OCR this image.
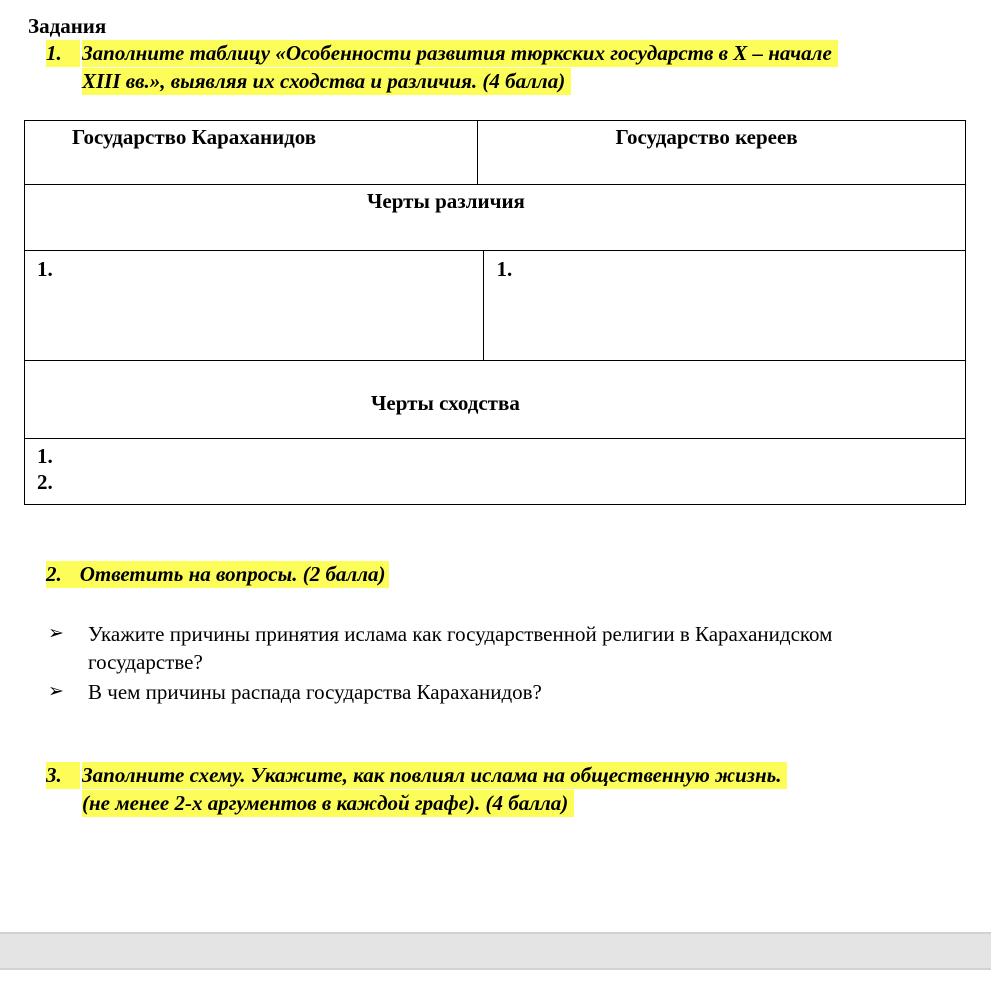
Задания
1. Заполните таблицу «Особенности развития тюркских государств в X – начале
XIII вв.», выявляя их сходства и различия. (4 балла)
Государство Караханидов	Государство кереев	

Черты различия		

1.		1.

Черты сходства		

1.
2.		
2. Ответить на вопросы. (2 балла)
➢ Укажите причины принятия ислама как государственной религии в Караханидском
государстве?
➢ В чем причины распада государства Караханидов?
3. Заполните схему. Укажите, как повлиял ислама на общественную жизнь.
(не менее 2-х аргументов в каждой графе). (4 балла)
